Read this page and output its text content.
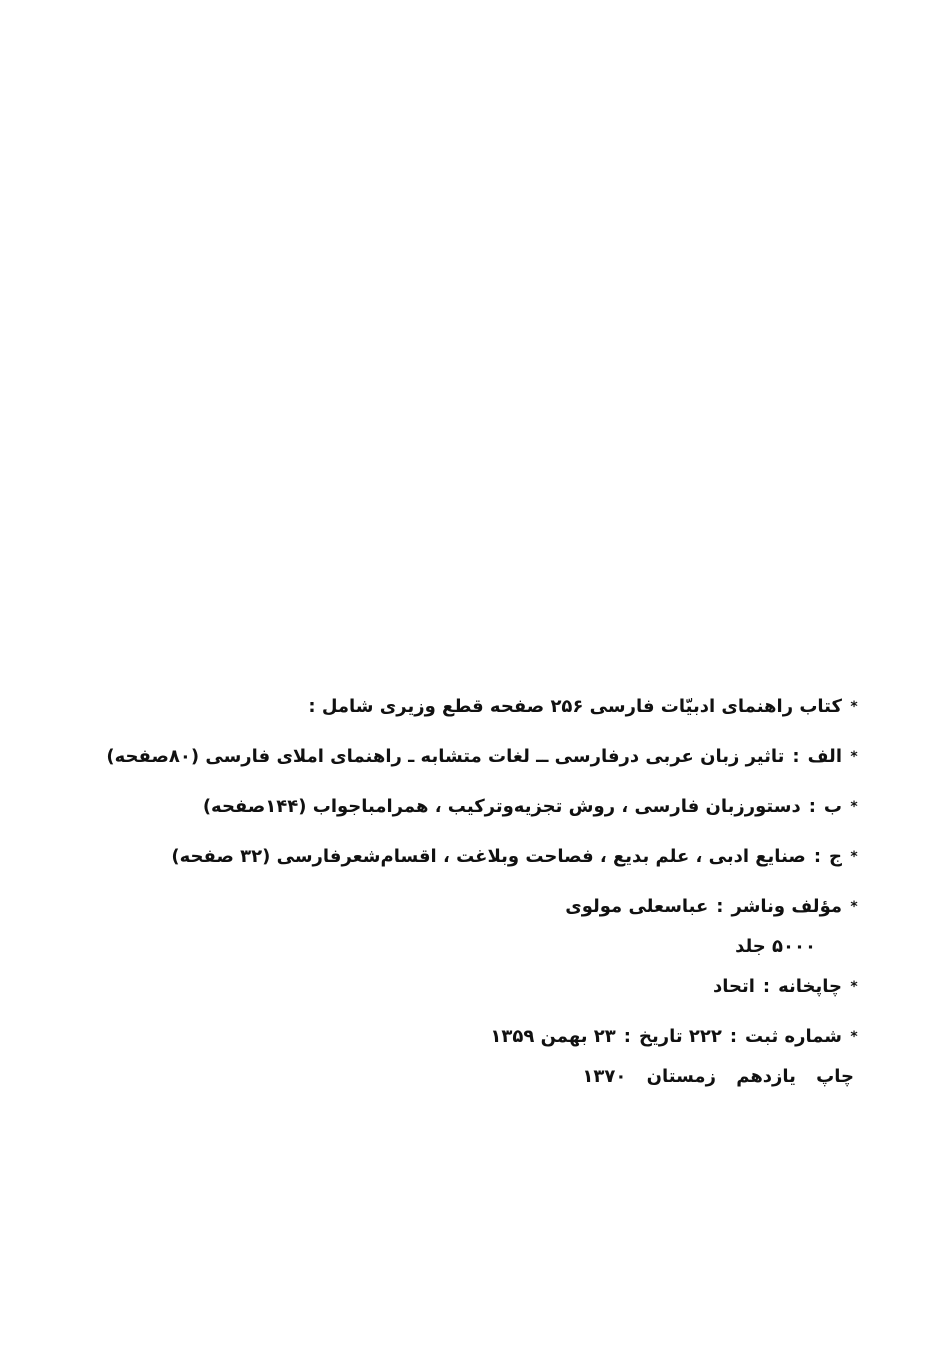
*کتاب راهنمای ادبیّات فارسی ۲۵۶ صفحه قطع وزیری شامل :
*الف:تاثیر زبان عربی درفارسی ــ لغات متشابه ـ راهنمای املای فارسی (۸۰صفحه)
*ب:دستورزبان فارسی ، روش تجزیه‌وترکیب ، همرامباجواب (۱۴۴صفحه)
*ج:صنایع ادبی ، علم بدیع ، فصاحت وبلاغت ، اقسام‌شعرفارسی (۳۲ صفحه)
*مؤلف وناشر:عباسعلی مولوی
۵۰۰۰ جلد
*چاپخانه:اتحاد
*شماره ثبت:۲۲۲ تاریخ:۲۳ بهمن ۱۳۵۹
چاپ یازدهم زمستان ۱۳۷۰
